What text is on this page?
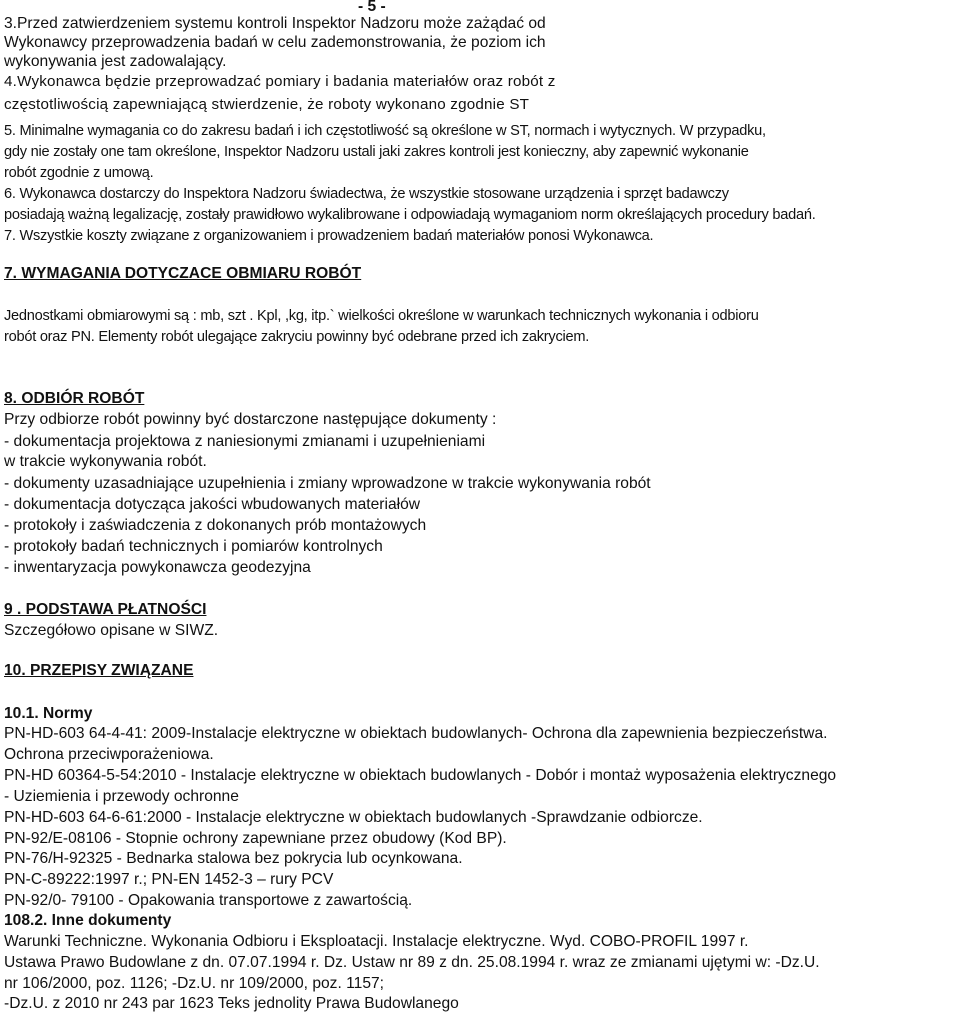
- 5 -
3.Przed zatwierdzeniem systemu kontroli Inspektor Nadzoru może zażądać od
Wykonawcy przeprowadzenia badań w celu zademonstrowania, że poziom ich
wykonywania jest zadowalający.
4.Wykonawca będzie przeprowadzać pomiary i badania materiałów oraz robót z
częstotliwością zapewniającą stwierdzenie, że roboty wykonano zgodnie ST
5. Minimalne wymagania co do zakresu badań i ich częstotliwość są określone w ST, normach i wytycznych. W przypadku,
gdy nie zostały one tam określone, Inspektor Nadzoru ustali jaki zakres kontroli jest konieczny, aby zapewnić wykonanie
robót zgodnie z umową.
6. Wykonawca dostarczy do Inspektora Nadzoru świadectwa, że wszystkie stosowane urządzenia i sprzęt badawczy
posiadają ważną legalizację, zostały prawidłowo wykalibrowane i odpowiadają wymaganiom norm określających procedury badań.
7. Wszystkie koszty związane z organizowaniem i prowadzeniem badań materiałów ponosi Wykonawca.
7. WYMAGANIA DOTYCZACE OBMIARU ROBÓT
Jednostkami obmiarowymi są : mb, szt . Kpl, ,kg, itp.` wielkości określone w warunkach technicznych wykonania i odbioru
robót oraz PN. Elementy robót ulegające zakryciu powinny być odebrane przed ich zakryciem.
8. ODBIÓR ROBÓT
Przy odbiorze robót powinny być dostarczone następujące dokumenty :
- dokumentacja projektowa z naniesionymi zmianami i uzupełnieniami
w trakcie wykonywania robót.
- dokumenty uzasadniające uzupełnienia i zmiany wprowadzone w trakcie wykonywania robót
- dokumentacja dotycząca jakości wbudowanych materiałów
- protokoły i zaświadczenia z dokonanych prób montażowych
- protokoły badań technicznych i pomiarów kontrolnych
- inwentaryzacja powykonawcza geodezyjna
9 . PODSTAWA PŁATNOŚCI
Szczegółowo opisane w SIWZ.
10. PRZEPISY ZWIĄZANE
10.1. Normy
PN-HD-603 64-4-41: 2009-Instalacje elektryczne w obiektach budowlanych- Ochrona dla zapewnienia bezpieczeństwa.
Ochrona przeciwporażeniowa.
PN-HD 60364-5-54:2010 - Instalacje elektryczne w obiektach budowlanych - Dobór i montaż wyposażenia elektrycznego
- Uziemienia i przewody ochronne
PN-HD-603 64-6-61:2000 - Instalacje elektryczne w obiektach budowlanych -Sprawdzanie odbiorcze.
PN-92/E-08106 - Stopnie ochrony zapewniane przez obudowy (Kod BP).
PN-76/H-92325 - Bednarka stalowa bez pokrycia lub ocynkowana.
PN-C-89222:1997 r.; PN-EN 1452-3 – rury PCV
PN-92/0- 79100 - Opakowania transportowe z zawartością.
108.2. Inne dokumenty
Warunki Techniczne. Wykonania Odbioru i Eksploatacji. Instalacje elektryczne. Wyd. COBO-PROFIL 1997 r.
Ustawa Prawo Budowlane z dn. 07.07.1994 r. Dz. Ustaw nr 89 z dn. 25.08.1994 r. wraz ze zmianami ujętymi w: -Dz.U.
nr 106/2000, poz. 1126; -Dz.U. nr 109/2000, poz. 1157;
-Dz.U. z 2010 nr 243 par 1623 Teks jednolity Prawa Budowlanego
